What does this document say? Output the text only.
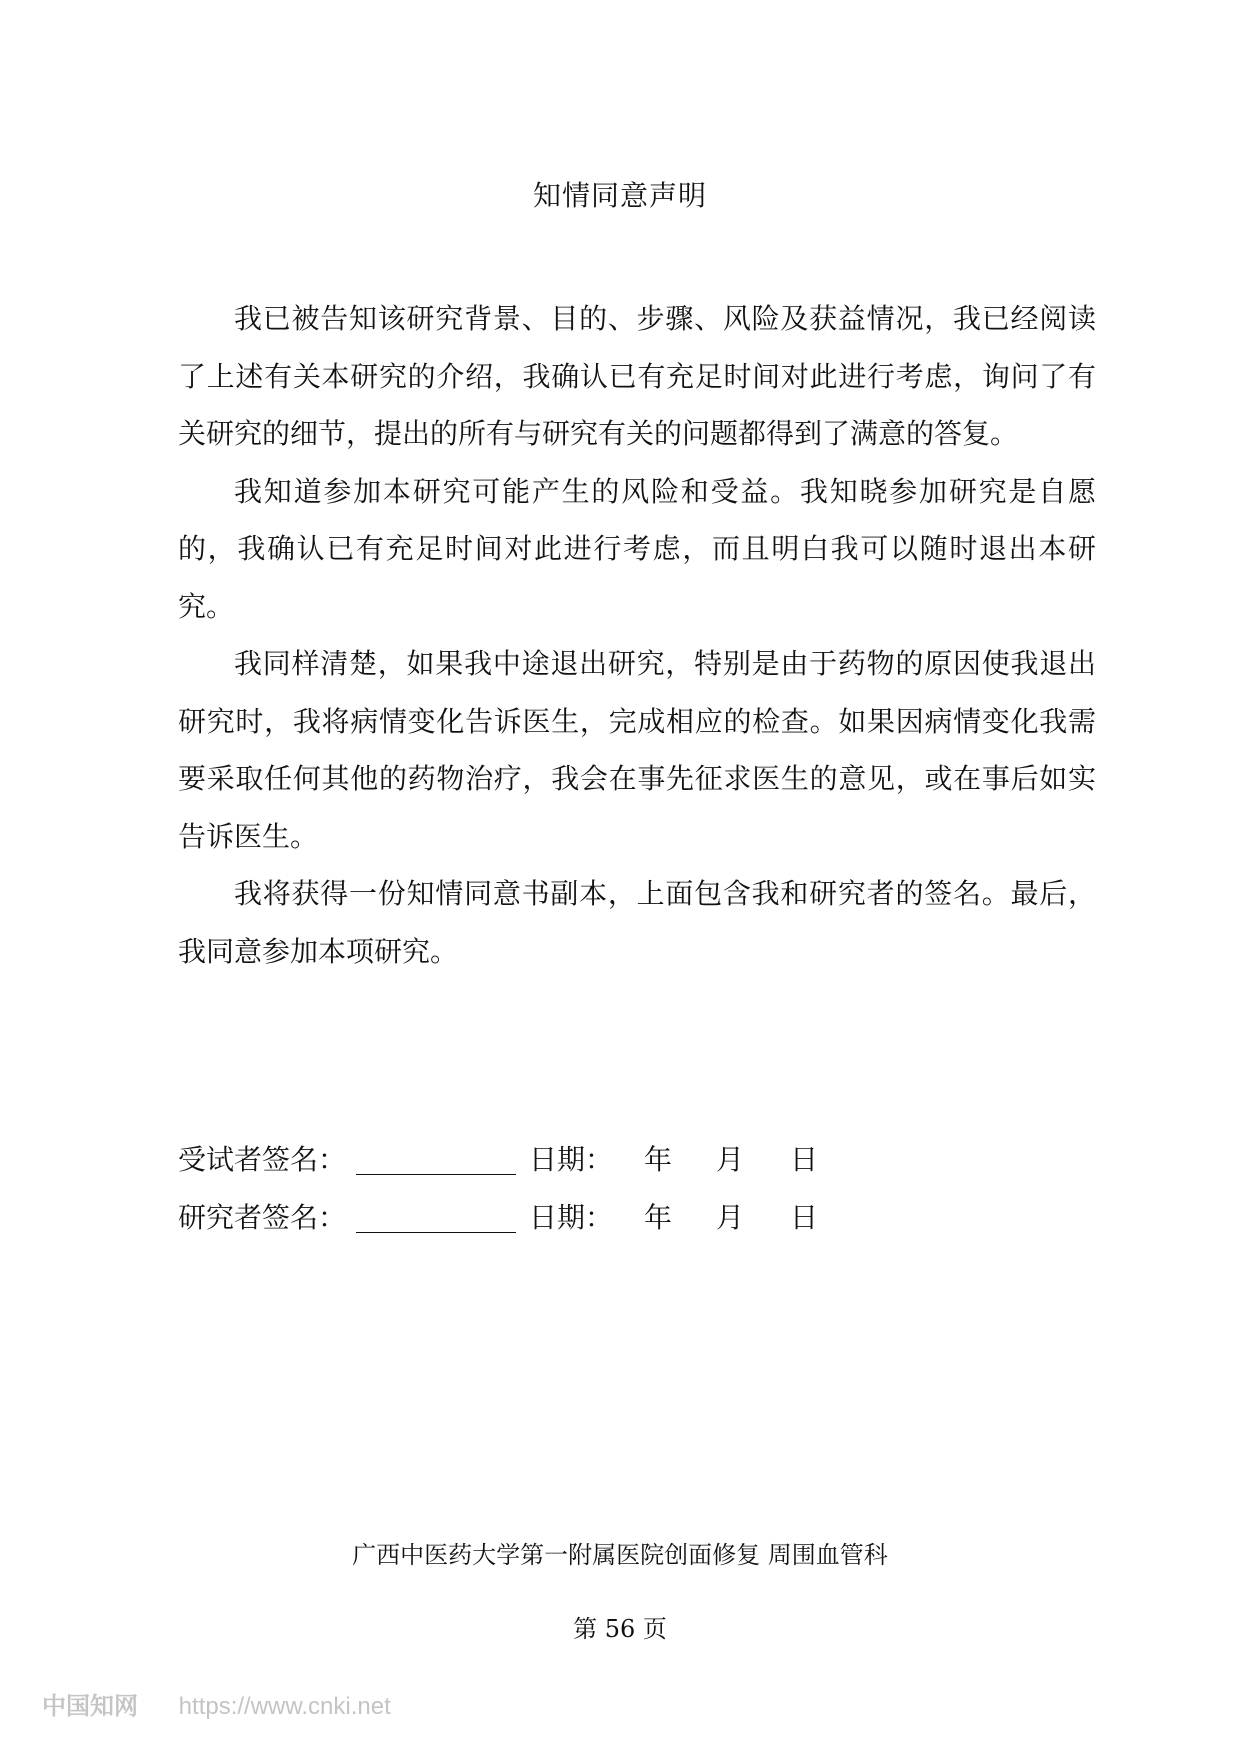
知情同意声明

我已被告知该研究背景、目的、步骤、风险及获益情况，我已经阅读了上述有关本研究的介绍，我确认已有充足时间对此进行考虑，询问了有关研究的细节，提出的所有与研究有关的问题都得到了满意的答复。

我知道参加本研究可能产生的风险和受益。我知晓参加研究是自愿的，我确认已有充足时间对此进行考虑，而且明白我可以随时退出本研究。

我同样清楚，如果我中途退出研究，特别是由于药物的原因使我退出研究时，我将病情变化告诉医生，完成相应的检查。如果因病情变化我需要采取任何其他的药物治疗，我会在事先征求医生的意见，或在事后如实告诉医生。

我将获得一份知情同意书副本，上面包含我和研究者的签名。最后，我同意参加本项研究。

受试者签名：	日期： 年 月 日
研究者签名：	日期： 年 月 日
广西中医药大学第一附属医院创面修复 周围血管科
第 56 页
中国知网 https://www.cnki.net
